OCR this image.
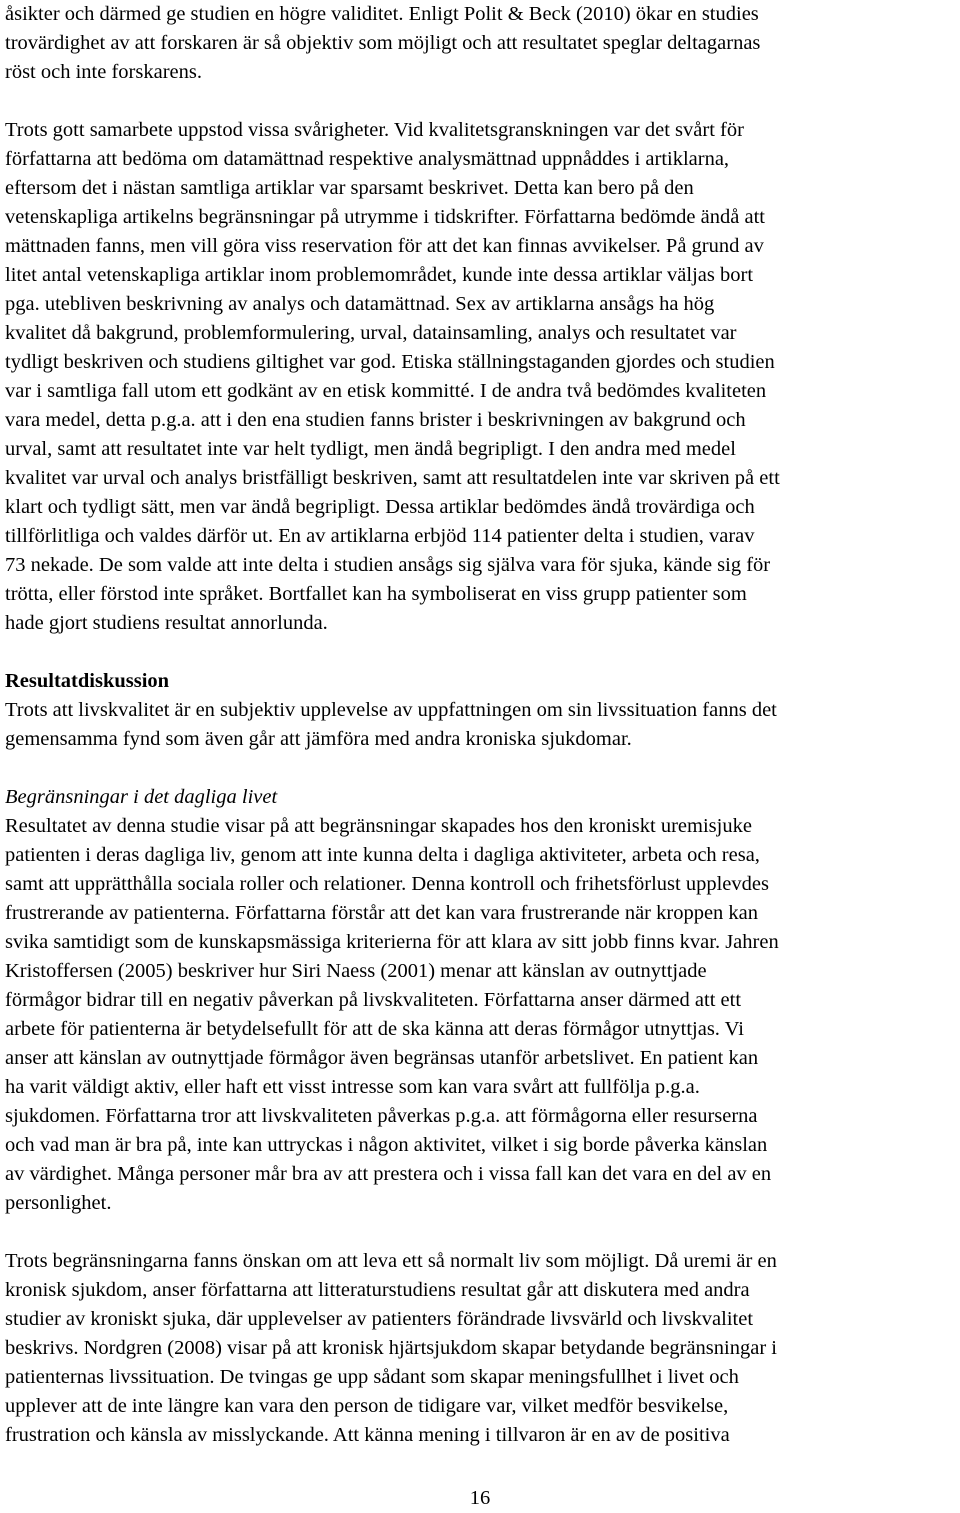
åsikter och därmed ge studien en högre validitet. Enligt Polit & Beck (2010) ökar en studies
trovärdighet av att forskaren är så objektiv som möjligt och att resultatet speglar deltagarnas
röst och inte forskarens.

Trots gott samarbete uppstod vissa svårigheter. Vid kvalitetsgranskningen var det svårt för
författarna att bedöma om datamättnad respektive analysmättnad uppnåddes i artiklarna,
eftersom det i nästan samtliga artiklar var sparsamt beskrivet. Detta kan bero på den
vetenskapliga artikelns begränsningar på utrymme i tidskrifter. Författarna bedömde ändå att
mättnaden fanns, men vill göra viss reservation för att det kan finnas avvikelser. På grund av
litet antal vetenskapliga artiklar inom problemområdet, kunde inte dessa artiklar väljas bort
pga. utebliven beskrivning av analys och datamättnad. Sex av artiklarna ansågs ha hög
kvalitet då bakgrund, problemformulering, urval, datainsamling, analys och resultatet var
tydligt beskriven och studiens giltighet var god. Etiska ställningstaganden gjordes och studien
var i samtliga fall utom ett godkänt av en etisk kommitté. I de andra två bedömdes kvaliteten
vara medel, detta p.g.a. att i den ena studien fanns brister i beskrivningen av bakgrund och
urval, samt att resultatet inte var helt tydligt, men ändå begripligt. I den andra med medel
kvalitet var urval och analys bristfälligt beskriven, samt att resultatdelen inte var skriven på ett
klart och tydligt sätt, men var ändå begripligt. Dessa artiklar bedömdes ändå trovärdiga och
tillförlitliga och valdes därför ut. En av artiklarna erbjöd 114 patienter delta i studien, varav
73 nekade. De som valde att inte delta i studien ansågs sig själva vara för sjuka, kände sig för
trötta, eller förstod inte språket. Bortfallet kan ha symboliserat en viss grupp patienter som
hade gjort studiens resultat annorlunda.

Resultatdiskussion

Trots att livskvalitet är en subjektiv upplevelse av uppfattningen om sin livssituation fanns det
gemensamma fynd som även går att jämföra med andra kroniska sjukdomar.

Begränsningar i det dagliga livet

Resultatet av denna studie visar på att begränsningar skapades hos den kroniskt uremisjuke
patienten i deras dagliga liv, genom att inte kunna delta i dagliga aktiviteter, arbeta och resa,
samt att upprätthålla sociala roller och relationer. Denna kontroll och frihetsförlust upplevdes
frustrerande av patienterna. Författarna förstår att det kan vara frustrerande när kroppen kan
svika samtidigt som de kunskapsmässiga kriterierna för att klara av sitt jobb finns kvar. Jahren
Kristoffersen (2005) beskriver hur Siri Naess (2001) menar att känslan av outnyttjade
förmågor bidrar till en negativ påverkan på livskvaliteten. Författarna anser därmed att ett
arbete för patienterna är betydelsefullt för att de ska känna att deras förmågor utnyttjas. Vi
anser att känslan av outnyttjade förmågor även begränsas utanför arbetslivet. En patient kan
ha varit väldigt aktiv, eller haft ett visst intresse som kan vara svårt att fullfölja p.g.a.
sjukdomen. Författarna tror att livskvaliteten påverkas p.g.a. att förmågorna eller resurserna
och vad man är bra på, inte kan uttryckas i någon aktivitet, vilket i sig borde påverka känslan
av värdighet. Många personer mår bra av att prestera och i vissa fall kan det vara en del av en
personlighet.

Trots begränsningarna fanns önskan om att leva ett så normalt liv som möjligt. Då uremi är en
kronisk sjukdom, anser författarna att litteraturstudiens resultat går att diskutera med andra
studier av kroniskt sjuka, där upplevelser av patienters förändrade livsvärld och livskvalitet
beskrivs. Nordgren (2008) visar på att kronisk hjärtsjukdom skapar betydande begränsningar i
patienternas livssituation. De tvingas ge upp sådant som skapar meningsfullhet i livet och
upplever att de inte längre kan vara den person de tidigare var, vilket medför besvikelse,
frustration och känsla av misslyckande. Att känna mening i tillvaron är en av de positiva

16
